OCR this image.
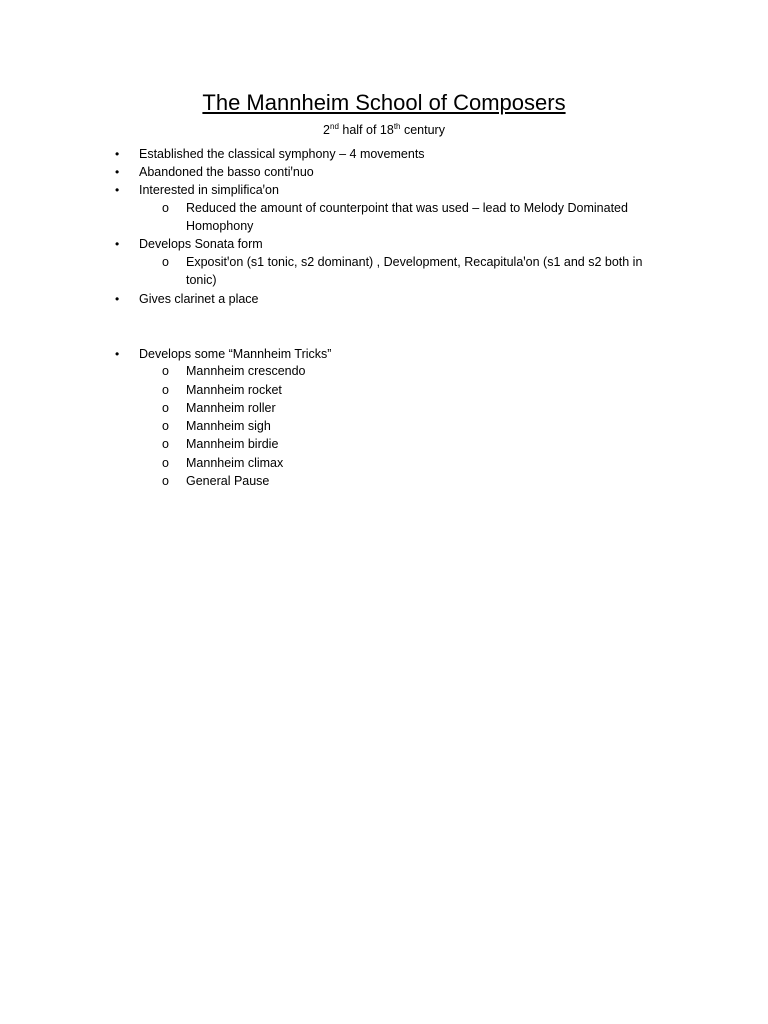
The Mannheim School of Composers
2nd half of 18th century
• Established the classical symphony – 4 movements
• Abandoned the basso contiꞌnuo
• Interested in simplificaꞌon
o Reduced the amount of counterpoint that was used – lead to Melody Dominated
Homophony
• Develops Sonata form
o Expositꞌon (s1 tonic, s2 dominant) , Development, Recapitulaꞌon (s1 and s2 both in
tonic)
• Gives clarinet a place
• Develops some “Mannheim Tricks”
o Mannheim crescendo
o Mannheim rocket
o Mannheim roller
o Mannheim sigh
o Mannheim birdie
o Mannheim climax
o General Pause
